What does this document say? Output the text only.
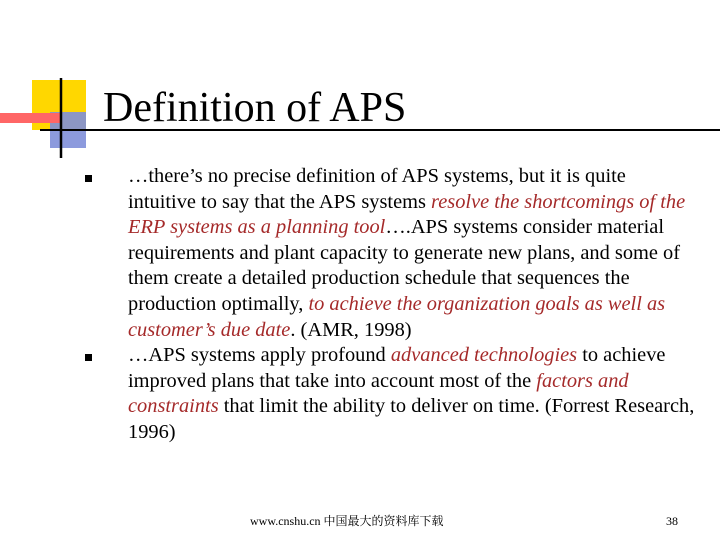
Definition of APS
…there’s no precise definition of APS systems, but it is quite intuitive to say that the APS systems resolve the shortcomings of the ERP systems as a planning tool….APS systems consider material requirements and plant capacity to generate new plans, and some of them create a detailed production schedule that sequences the production optimally, to achieve the organization goals as well as customer’s due date. (AMR, 1998)
…APS systems apply profound advanced technologies to achieve improved plans that take into account most of the factors and constraints that limit the ability to deliver on time. (Forrest Research, 1996)
www.cnshu.cn 中国最大的资料库下载	38
